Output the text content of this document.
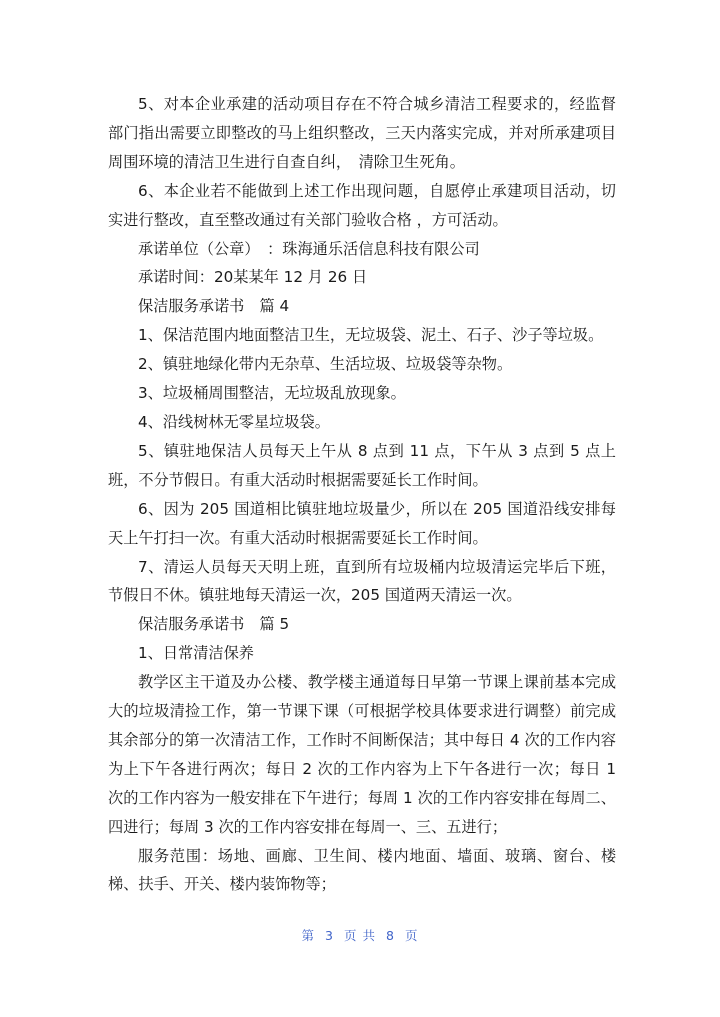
5、对本企业承建的活动项目存在不符合城乡清洁工程要求的，经监督部门指出需要立即整改的马上组织整改，三天内落实完成，并对所承建项目周围环境的清洁卫生进行自查自纠，　清除卫生死角。

6、本企业若不能做到上述工作出现问题，自愿停止承建项目活动，切实进行整改，直至整改通过有关部门验收合格 ，方可活动。

承诺单位（公章）　：珠海通乐活信息科技有限公司

承诺时间：20某某年 12 月 26 日

保洁服务承诺书　篇 4

1、保洁范围内地面整洁卫生，无垃圾袋、泥土、石子、沙子等垃圾。

2、镇驻地绿化带内无杂草、生活垃圾、垃圾袋等杂物。

3、垃圾桶周围整洁，无垃圾乱放现象。

4、沿线树林无零星垃圾袋。

5、镇驻地保洁人员每天上午从 8 点到 11 点，下午从 3 点到 5 点上班，不分节假日。有重大活动时根据需要延长工作时间。

6、因为 205 国道相比镇驻地垃圾量少，所以在 205 国道沿线安排每天上午打扫一次。有重大活动时根据需要延长工作时间。

7、清运人员每天天明上班，直到所有垃圾桶内垃圾清运完毕后下班，节假日不休。镇驻地每天清运一次，205 国道两天清运一次。

保洁服务承诺书　篇 5

1、日常清洁保养

教学区主干道及办公楼、教学楼主通道每日早第一节课上课前基本完成大的垃圾清捡工作，第一节课下课（可根据学校具体要求进行调整）前完成其余部分的第一次清洁工作，工作时不间断保洁；其中每日 4 次的工作内容为上下午各进行两次；每日 2 次的工作内容为上下午各进行一次；每日 1 次的工作内容为一般安排在下午进行；每周 1 次的工作内容安排在每周二、四进行；每周 3 次的工作内容安排在每周一、三、五进行；

服务范围：场地、画廊、卫生间、楼内地面、墙面、玻璃、窗台、楼梯、扶手、开关、楼内装饰物等；

第 3 页 共 8 页
